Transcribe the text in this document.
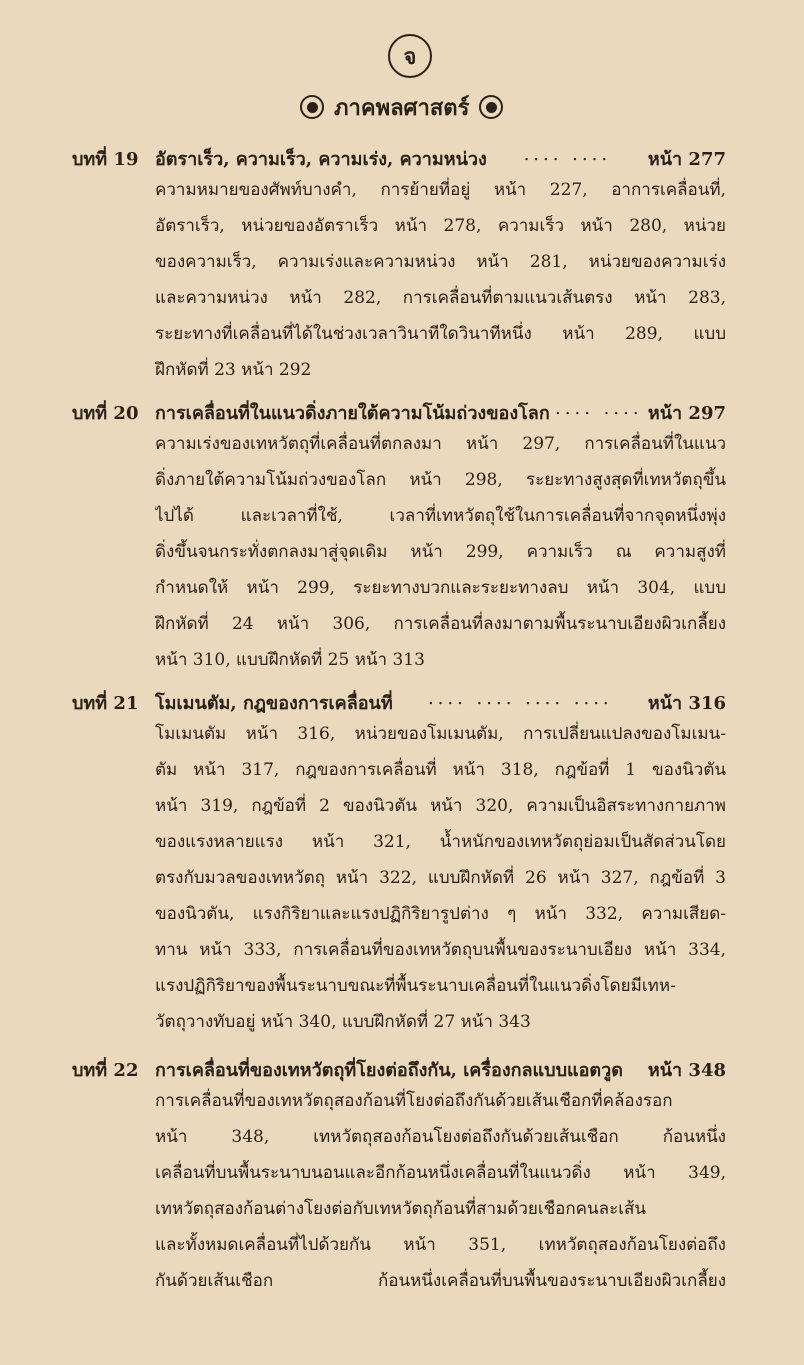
จ
ภาคพลศาสตร์
บทที่ 19 อัตราเร็ว, ความเร็ว, ความเร่ง, ความหน่วง .... .... หน้า 277
ความหมายของศัพท์บางคำ, การย้ายที่อยู่ หน้า 227, อาการเคลื่อนที่,
อัตราเร็ว, หน่วยของอัตราเร็ว หน้า 278, ความเร็ว หน้า 280, หน่วย
ของความเร็ว, ความเร่งและความหน่วง หน้า 281, หน่วยของความเร่ง
และความหน่วง หน้า 282, การเคลื่อนที่ตามแนวเส้นตรง หน้า 283,
ระยะทางที่เคลื่อนที่ได้ในช่วงเวลาวินาทีใดวินาทีหนึ่ง หน้า 289, แบบ
ฝึกหัดที่ 23 หน้า 292
บทที่ 20 การเคลื่อนที่ในแนวดิ่งภายใต้ความโน้มถ่วงของโลก .... .... หน้า 297
ความเร่งของเทหวัตถุที่เคลื่อนที่ตกลงมา หน้า 297, การเคลื่อนที่ในแนว
ดิ่งภายใต้ความโน้มถ่วงของโลก หน้า 298, ระยะทางสูงสุดที่เทหวัตถุขึ้น
ไปได้ และเวลาที่ใช้, เวลาที่เทหวัตถุใช้ในการเคลื่อนที่จากจุดหนึ่งพุ่ง
ดิ่งขึ้นจนกระทั่งตกลงมาสู่จุดเดิม หน้า 299, ความเร็ว ณ ความสูงที่
กำหนดให้ หน้า 299, ระยะทางบวกและระยะทางลบ หน้า 304, แบบ
ฝึกหัดที่ 24 หน้า 306, การเคลื่อนที่ลงมาตามพื้นระนาบเอียงผิวเกลี้ยง
หน้า 310, แบบฝึกหัดที่ 25 หน้า 313
บทที่ 21 โมเมนตัม, กฎของการเคลื่อนที่ .... .... .... .... หน้า 316
โมเมนตัม หน้า 316, หน่วยของโมเมนตัม, การเปลี่ยนแปลงของโมเมน-
ตัม หน้า 317, กฎของการเคลื่อนที่ หน้า 318, กฎข้อที่ 1 ของนิวตัน
หน้า 319, กฎข้อที่ 2 ของนิวตัน หน้า 320, ความเป็นอิสระทางกายภาพ
ของแรงหลายแรง หน้า 321, น้ำหนักของเทหวัตถุย่อมเป็นสัดส่วนโดย
ตรงกับมวลของเทหวัตถุ หน้า 322, แบบฝึกหัดที่ 26 หน้า 327, กฎข้อที่ 3
ของนิวตัน, แรงกิริยาและแรงปฏิกิริยารูปต่าง ๆ หน้า 332, ความเสียด-
ทาน หน้า 333, การเคลื่อนที่ของเทหวัตถุบนพื้นของระนาบเอียง หน้า 334,
แรงปฏิกิริยาของพื้นระนาบขณะที่พื้นระนาบเคลื่อนที่ในแนวดิ่งโดยมีเทห-
วัตถุวางทับอยู่ หน้า 340, แบบฝึกหัดที่ 27 หน้า 343
บทที่ 22 การเคลื่อนที่ของเทหวัตถุที่โยงต่อถึงกัน, เครื่องกลแบบแอตวูด หน้า 348
การเคลื่อนที่ของเทหวัตถุสองก้อนที่โยงต่อถึงกันด้วยเส้นเชือกที่คล้องรอก
หน้า 348, เทหวัตถุสองก้อนโยงต่อถึงกันด้วยเส้นเชือก ก้อนหนึ่ง
เคลื่อนที่บนพื้นระนาบนอนและอีกก้อนหนึ่งเคลื่อนที่ในแนวดิ่ง หน้า 349,
เทหวัตถุสองก้อนต่างโยงต่อกับเทหวัตถุก้อนที่สามด้วยเชือกคนละเส้น
และทั้งหมดเคลื่อนที่ไปด้วยกัน หน้า 351, เทหวัตถุสองก้อนโยงต่อถึง
กันด้วยเส้นเชือก ก้อนหนึ่งเคลื่อนที่บนพื้นของระนาบเอียงผิวเกลี้ยง
